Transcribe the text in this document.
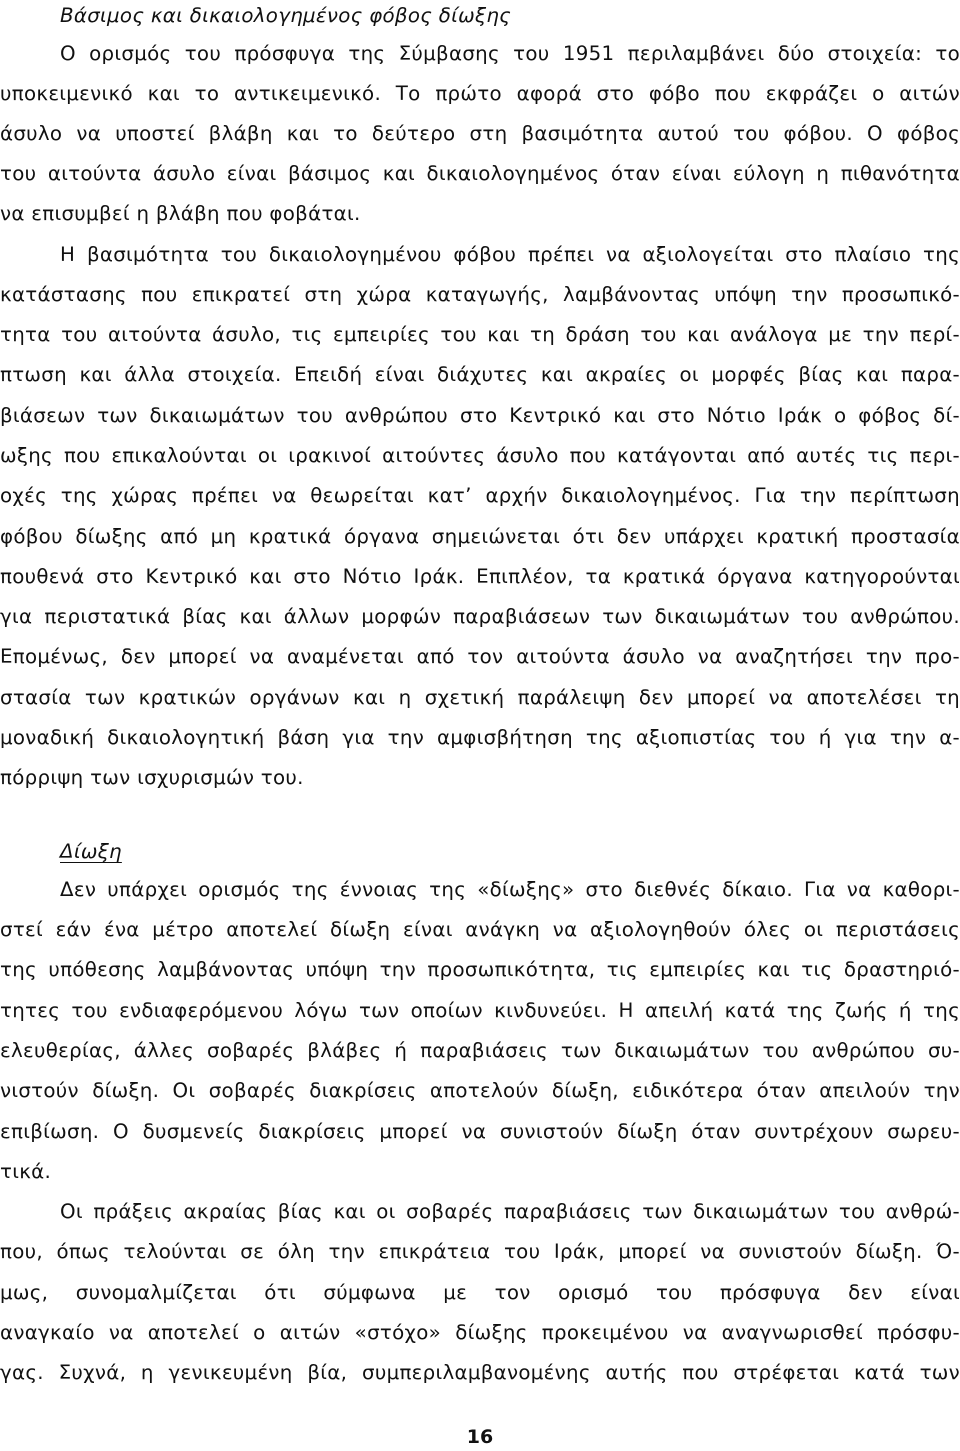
Βάσιμος και δικαιολογημένος φόβος δίωξης
Ο ορισμός του πρόσφυγα της Σύμβασης του 1951 περιλαμβάνει δύο στοιχεία: το
υποκειμενικό και το αντικειμενικό. Το πρώτο αφορά στο φόβο που εκφράζει ο αιτών
άσυλο να υποστεί βλάβη και το δεύτερο στη βασιμότητα αυτού του φόβου. Ο φόβος
του αιτούντα άσυλο είναι βάσιμος και δικαιολογημένος όταν είναι εύλογη η πιθανότητα
να επισυμβεί η βλάβη που φοβάται.
Η βασιμότητα του δικαιολογημένου φόβου πρέπει να αξιολογείται στο πλαίσιο της
κατάστασης που επικρατεί στη χώρα καταγωγής, λαμβάνοντας υπόψη την προσωπικό-
τητα του αιτούντα άσυλο, τις εμπειρίες του και τη δράση του και ανάλογα με την περί-
πτωση και άλλα στοιχεία. Επειδή είναι διάχυτες και ακραίες οι μορφές βίας και παρα-
βιάσεων των δικαιωμάτων του ανθρώπου στο Κεντρικό και στο Νότιο Ιράκ ο φόβος δί-
ωξης που επικαλούνται οι ιρακινοί αιτούντες άσυλο που κατάγονται από αυτές τις περι-
οχές της χώρας πρέπει να θεωρείται κατ’ αρχήν δικαιολογημένος. Για την περίπτωση
φόβου δίωξης από μη κρατικά όργανα σημειώνεται ότι δεν υπάρχει κρατική προστασία
πουθενά στο Κεντρικό και στο Νότιο Ιράκ. Επιπλέον, τα κρατικά όργανα κατηγορούνται
για περιστατικά βίας και άλλων μορφών παραβιάσεων των δικαιωμάτων του ανθρώπου.
Επομένως, δεν μπορεί να αναμένεται από τον αιτούντα άσυλο να αναζητήσει την προ-
στασία των κρατικών οργάνων και η σχετική παράλειψη δεν μπορεί να αποτελέσει τη
μοναδική δικαιολογητική βάση για την αμφισβήτηση της αξιοπιστίας του ή για την α-
πόρριψη των ισχυρισμών του.
Δίωξη
Δεν υπάρχει ορισμός της έννοιας της «δίωξης» στο διεθνές δίκαιο. Για να καθορι-
στεί εάν ένα μέτρο αποτελεί δίωξη είναι ανάγκη να αξιολογηθούν όλες οι περιστάσεις
της υπόθεσης λαμβάνοντας υπόψη την προσωπικότητα, τις εμπειρίες και τις δραστηριό-
τητες του ενδιαφερόμενου λόγω των οποίων κινδυνεύει. Η απειλή κατά της ζωής ή της
ελευθερίας, άλλες σοβαρές βλάβες ή παραβιάσεις των δικαιωμάτων του ανθρώπου συ-
νιστούν δίωξη. Οι σοβαρές διακρίσεις αποτελούν δίωξη, ειδικότερα όταν απειλούν την
επιβίωση. Ο δυσμενείς διακρίσεις μπορεί να συνιστούν δίωξη όταν συντρέχουν σωρευ-
τικά.
Οι πράξεις ακραίας βίας και οι σοβαρές παραβιάσεις των δικαιωμάτων του ανθρώ-
που, όπως τελούνται σε όλη την επικράτεια του Ιράκ, μπορεί να συνιστούν δίωξη. Ό-
μως, συνομαλμίζεται ότι σύμφωνα με τον ορισμό του πρόσφυγα δεν είναι
αναγκαίο να αποτελεί ο αιτών «στόχο» δίωξης προκειμένου να αναγνωρισθεί πρόσφυ-
γας. Συχνά, η γενικευμένη βία, συμπεριλαμβανομένης αυτής που στρέφεται κατά των
16
